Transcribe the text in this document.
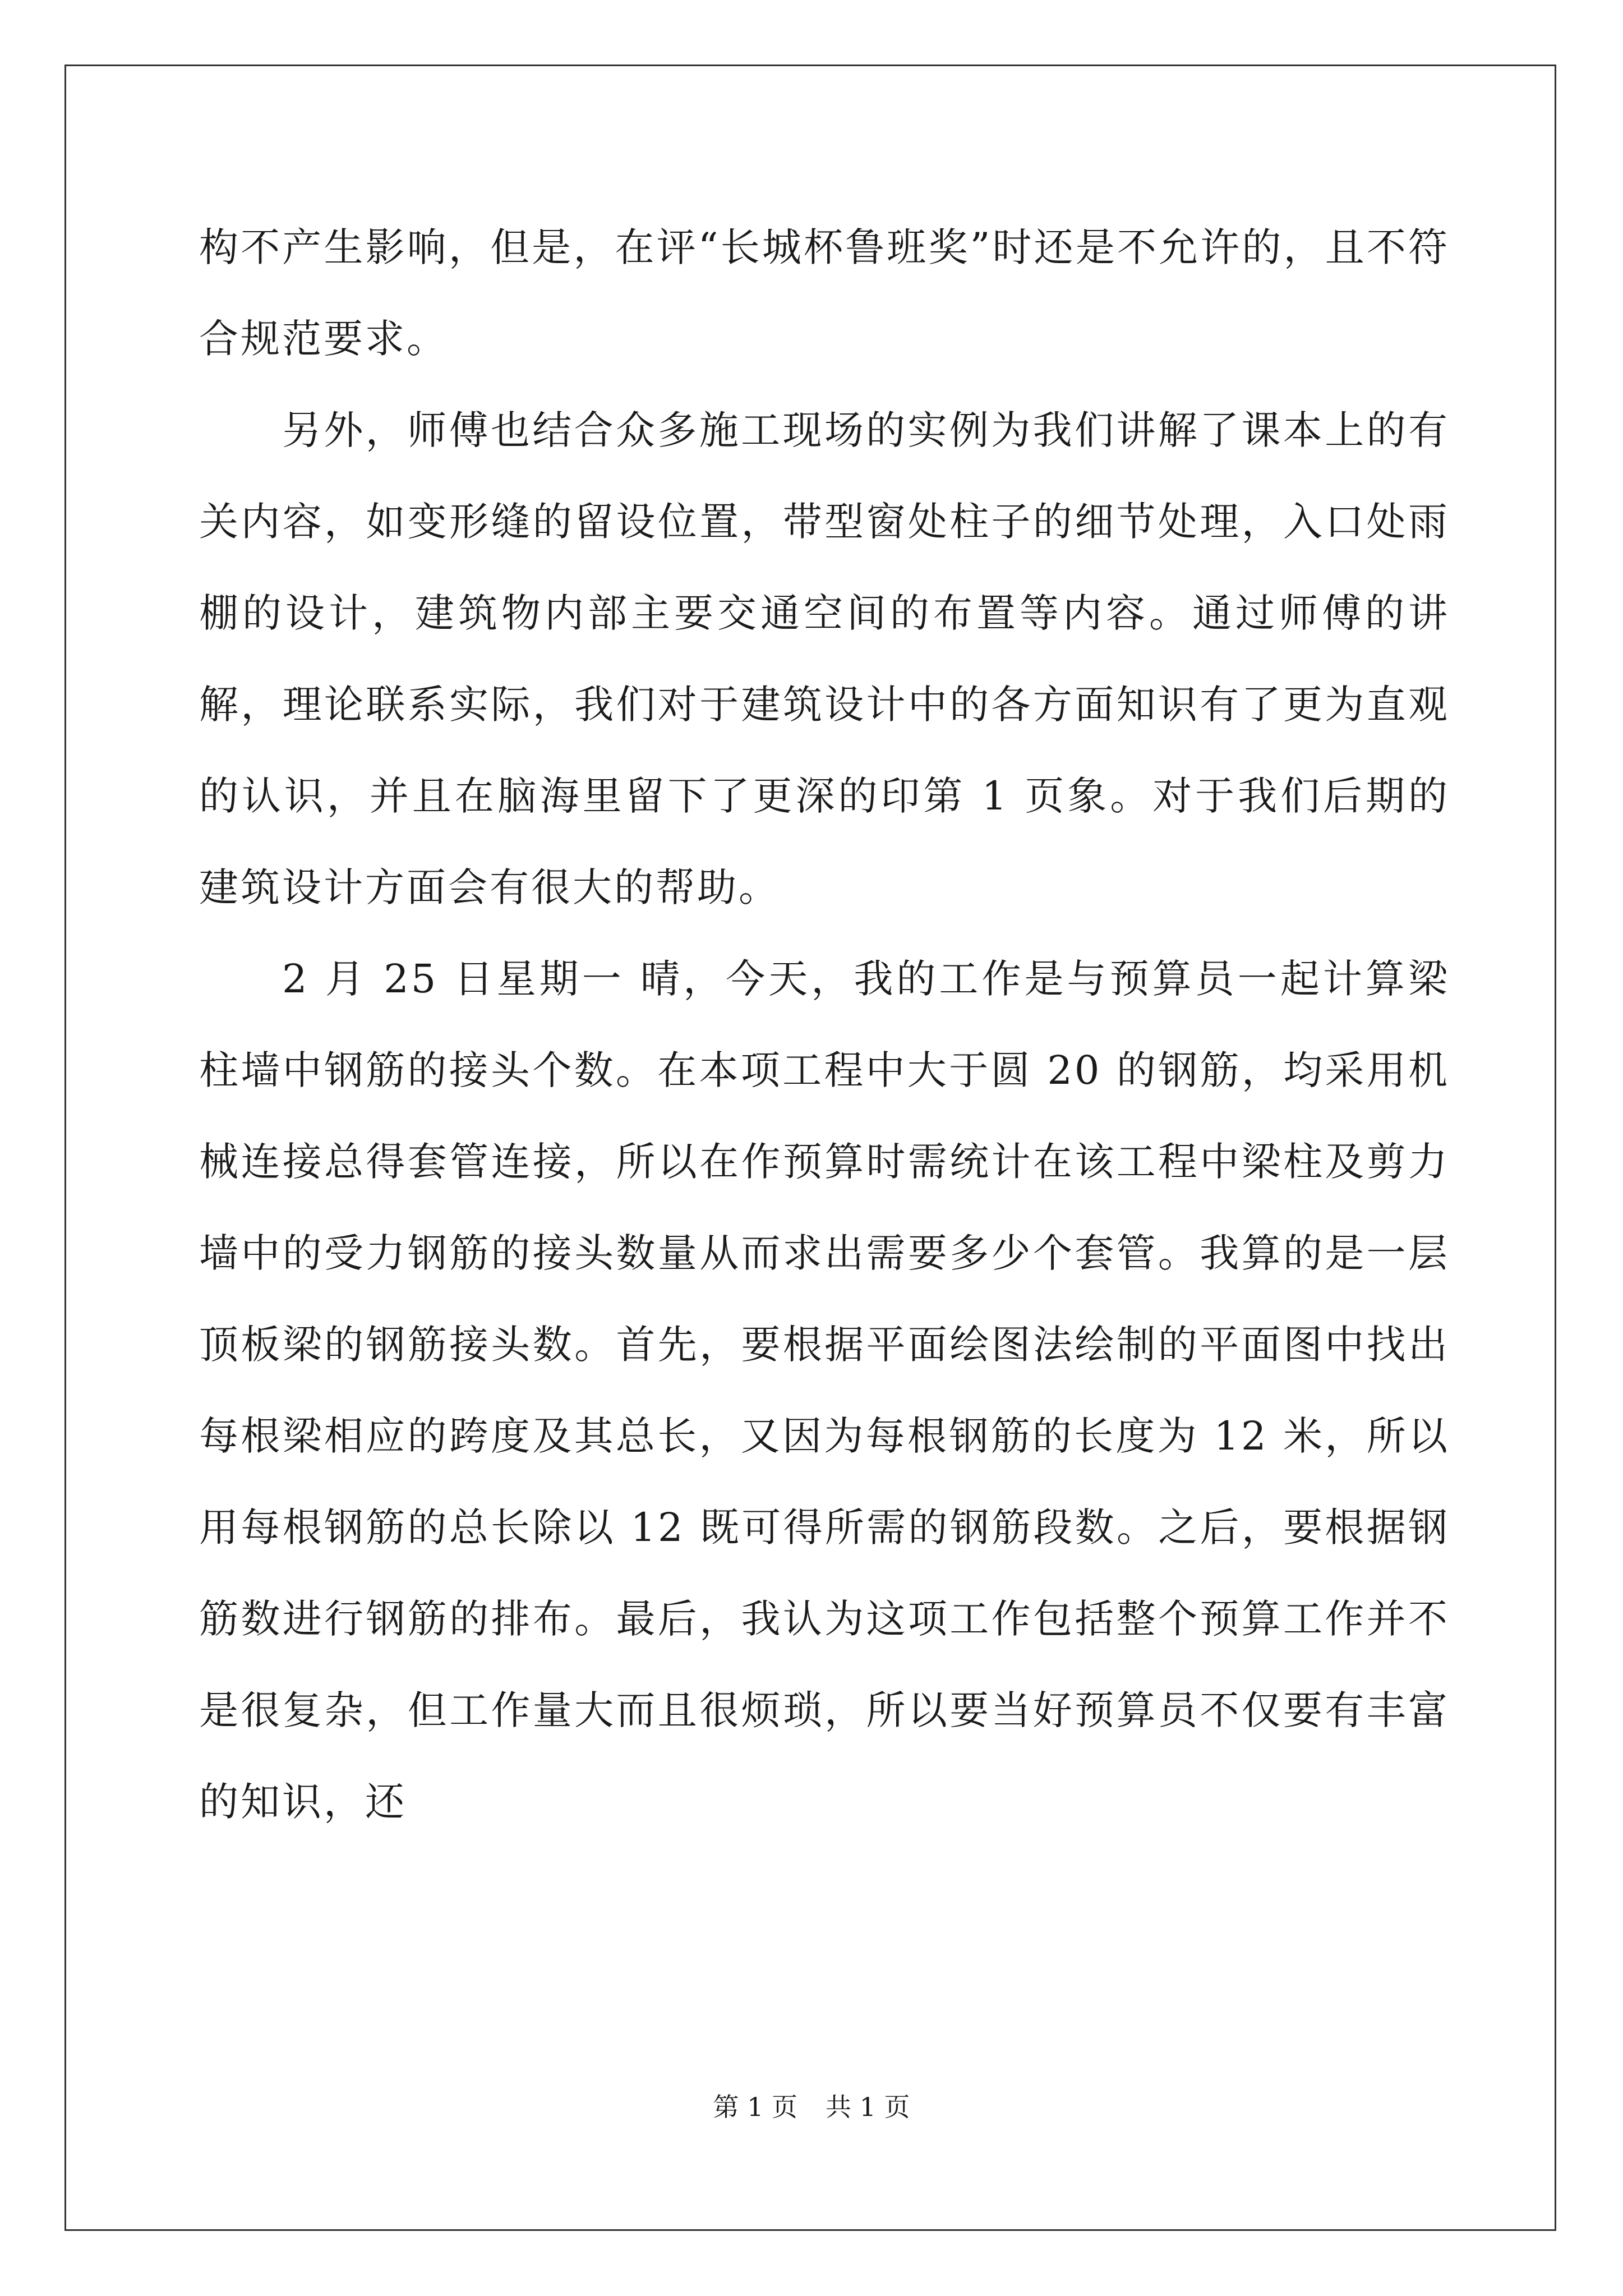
构不产生影响，但是，在评“长城杯鲁班奖”时还是不允许的，且不符合规范要求。

另外，师傅也结合众多施工现场的实例为我们讲解了课本上的有关内容，如变形缝的留设位置，带型窗处柱子的细节处理，入口处雨棚的设计，建筑物内部主要交通空间的布置等内容。通过师傅的讲解，理论联系实际，我们对于建筑设计中的各方面知识有了更为直观的认识，并且在脑海里留下了更深的印第 1 页象。对于我们后期的建筑设计方面会有很大的帮助。

2 月 25 日星期一 晴，今天，我的工作是与预算员一起计算梁柱墙中钢筋的接头个数。在本项工程中大于圆 20 的钢筋，均采用机械连接总得套管连接，所以在作预算时需统计在该工程中梁柱及剪力墙中的受力钢筋的接头数量从而求出需要多少个套管。我算的是一层顶板梁的钢筋接头数。首先，要根据平面绘图法绘制的平面图中找出每根梁相应的跨度及其总长，又因为每根钢筋的长度为 12 米，所以用每根钢筋的总长除以 12 既可得所需的钢筋段数。之后，要根据钢筋数进行钢筋的排布。最后，我认为这项工作包括整个预算工作并不是很复杂，但工作量大而且很烦琐，所以要当好预算员不仅要有丰富的知识，还

第 1 页 共 1 页
